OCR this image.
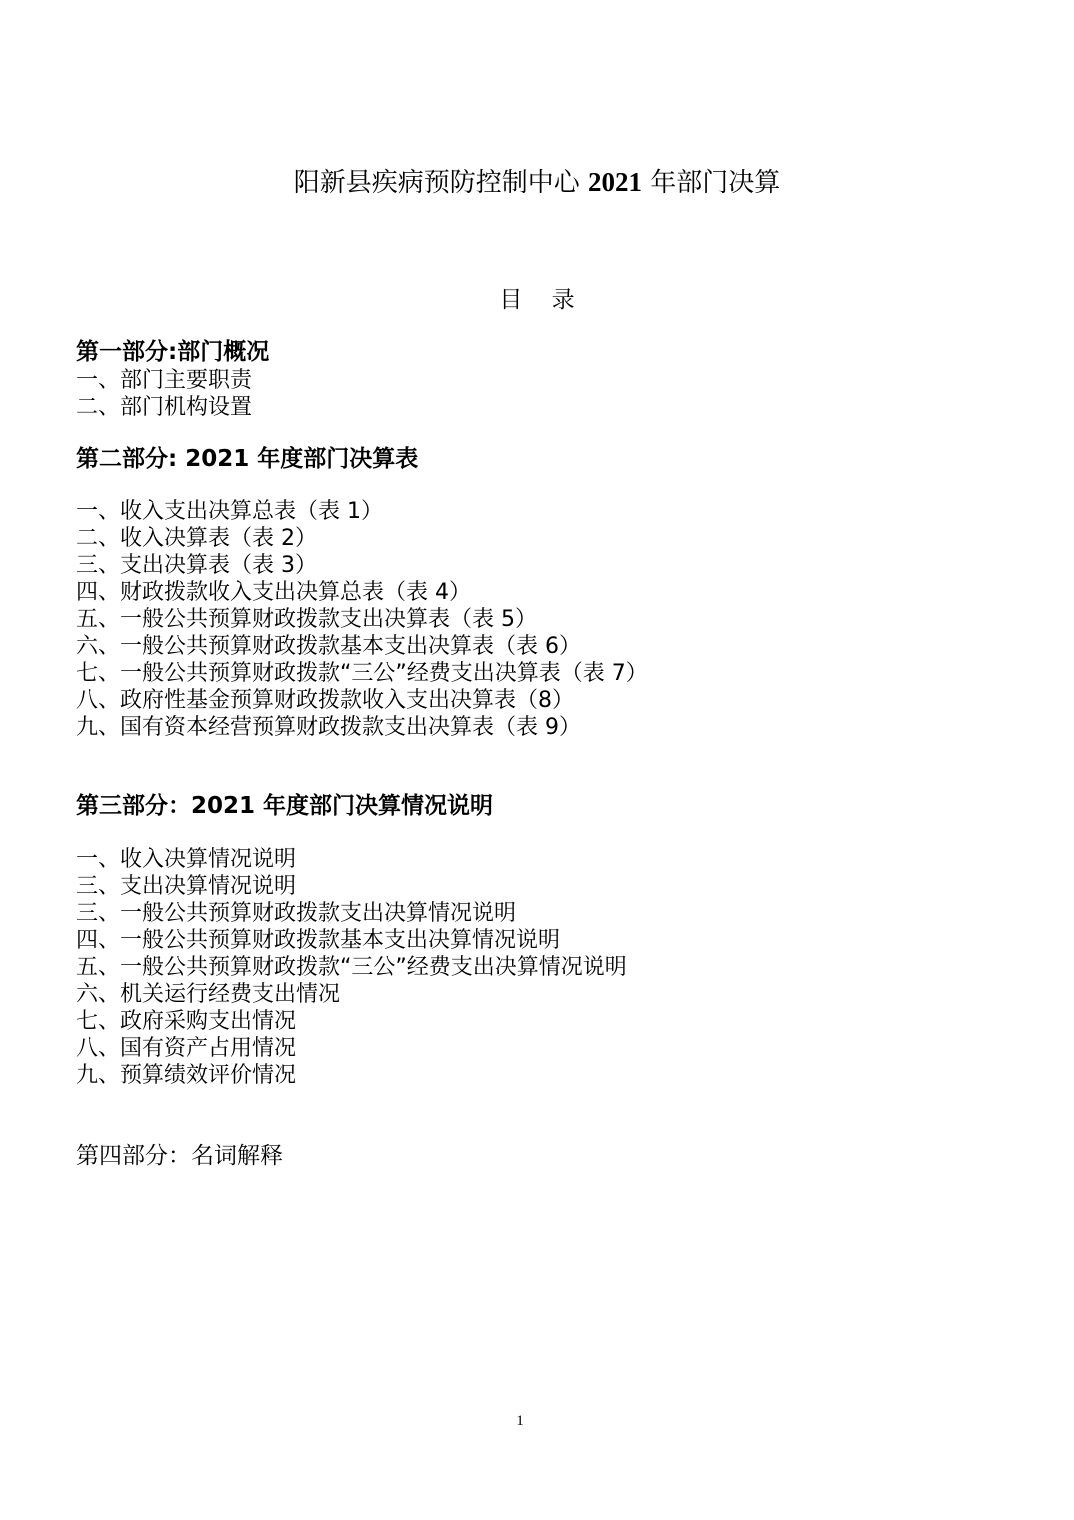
阳新县疾病预防控制中心 2021 年部门决算
目    录
第一部分:部门概况
一、部门主要职责
二、部门机构设置
第二部分: 2021 年度部门决算表
一、收入支出决算总表（表 1）
二、收入决算表（表 2）
三、支出决算表（表 3）
四、财政拨款收入支出决算总表（表 4）
五、一般公共预算财政拨款支出决算表（表 5）
六、一般公共预算财政拨款基本支出决算表（表 6）
七、一般公共预算财政拨款“三公”经费支出决算表（表 7）
八、政府性基金预算财政拨款收入支出决算表（8）
九、国有资本经营预算财政拨款支出决算表（表 9）
第三部分：2021 年度部门决算情况说明
一、收入决算情况说明
三、支出决算情况说明
三、一般公共预算财政拨款支出决算情况说明
四、一般公共预算财政拨款基本支出决算情况说明
五、一般公共预算财政拨款“三公”经费支出决算情况说明
六、机关运行经费支出情况
七、政府采购支出情况
八、国有资产占用情况
九、预算绩效评价情况
第四部分：名词解释
1
